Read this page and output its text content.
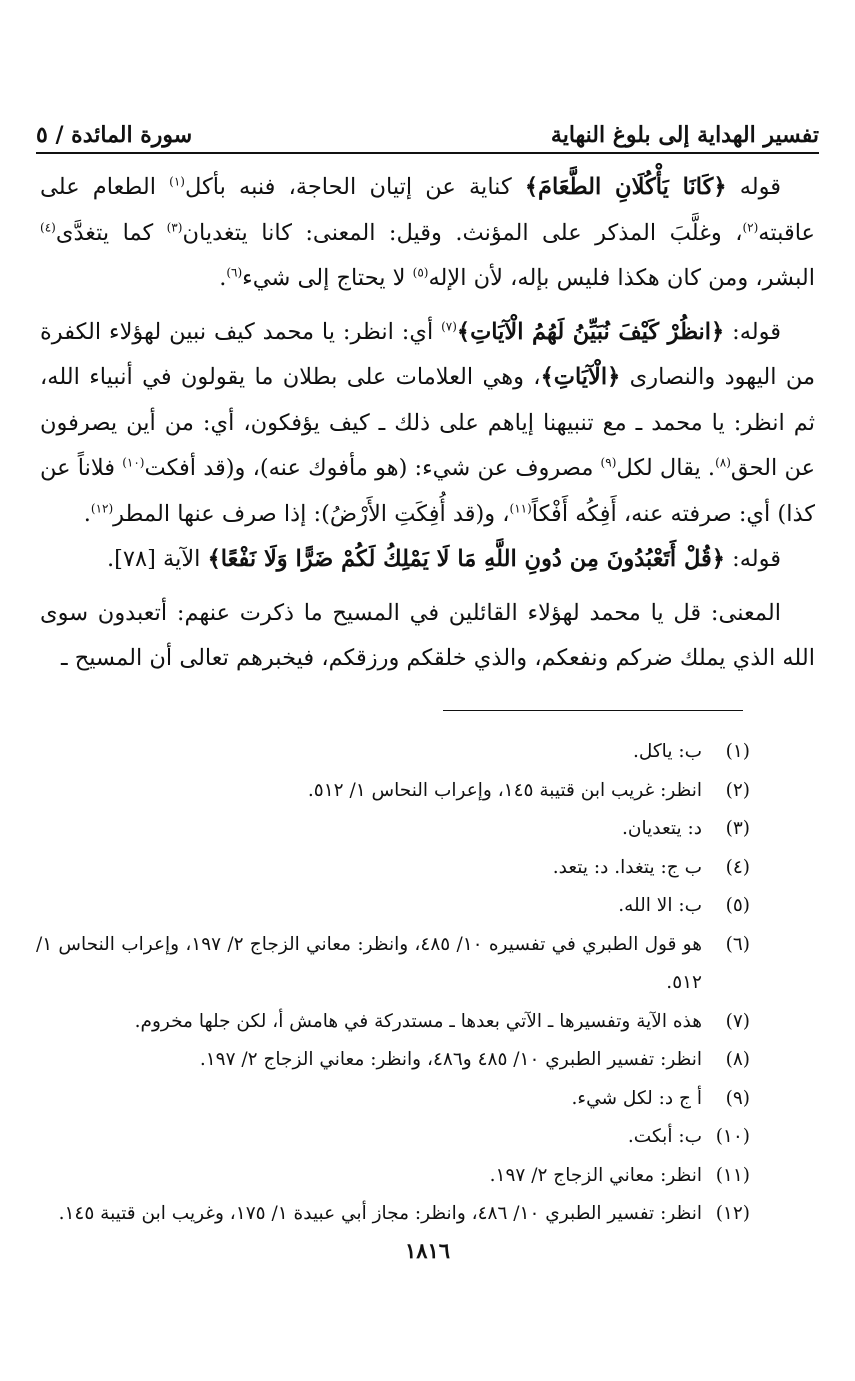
تفسير الهداية إلى بلوغ النهاية
سورة المائدة / ٥

قوله ﴿كَانَا يَأْكُلَانِ الطَّعَامَ﴾ كناية عن إتيان الحاجة، فنبه بأكل$^{(١)}$ الطعام على عاقبته$^{(٢)}$، وغلَّبَ المذكر على المؤنث. وقيل: المعنى: كانا يتغديان$^{(٣)}$ كما يتغدَّى$^{(٤)}$ البشر، ومن كان هكذا فليس بإله، لأن الإله$^{(٥)}$ لا يحتاج إلى شيء$^{(٦)}$.

قوله: ﴿انظُرْ كَيْفَ نُبَيِّنُ لَهُمُ الْآيَاتِ﴾$^{(٧)}$ أي: انظر: يا محمد كيف نبين لهؤلاء الكفرة من اليهود والنصارى ﴿الْآيَاتِ﴾، وهي العلامات على بطلان ما يقولون في أنبياء الله، ثم انظر: يا محمد ـ مع تنبيهنا إياهم على ذلك ـ كيف يؤفكون، أي: من أين يصرفون عن الحق$^{(٨)}$. يقال لكل$^{(٩)}$ مصروف عن شيء: (هو مأفوك عنه)، و(قد أفكت$^{(١٠)}$ فلاناً عن كذا) أي: صرفته عنه، أَفِكُه أَفْكاً$^{(١١)}$، و(قد أُفِكَتِ الأَرْضُ): إذا صرف عنها المطر$^{(١٢)}$.

قوله: ﴿قُلْ أَتَعْبُدُونَ مِن دُونِ اللَّهِ مَا لَا يَمْلِكُ لَكُمْ ضَرًّا وَلَا نَفْعًا﴾ الآية [٧٨].

المعنى: قل يا محمد لهؤلاء القائلين في المسيح ما ذكرت عنهم: أتعبدون سوى الله الذي يملك ضركم ونفعكم، والذي خلقكم ورزقكم، فيخبرهم تعالى أن المسيح ـ

(١)
ب: ياكل.
(٢)
انظر: غريب ابن قتيبة ١٤٥، وإعراب النحاس ١/ ٥١٢.
(٣)
د: يتعديان.
(٤)
ب ج: يتغدا. د: يتعد.
(٥)
ب: الا الله.
(٦)
هو قول الطبري في تفسيره ١٠/ ٤٨٥، وانظر: معاني الزجاج ٢/ ١٩٧، وإعراب النحاس ١/ ٥١٢.
(٧)
هذه الآية وتفسيرها ـ الآتي بعدها ـ مستدركة في هامش أ، لكن جلها مخروم.
(٨)
انظر: تفسير الطبري ١٠/ ٤٨٥ و٤٨٦، وانظر: معاني الزجاج ٢/ ١٩٧.
(٩)
أ ج د: لكل شيء.
(١٠)
ب: أبكت.
(١١)
انظر: معاني الزجاج ٢/ ١٩٧.
(١٢)
انظر: تفسير الطبري ١٠/ ٤٨٦، وانظر: مجاز أبي عبيدة ١/ ١٧٥، وغريب ابن قتيبة ١٤٥.
١٨١٦
